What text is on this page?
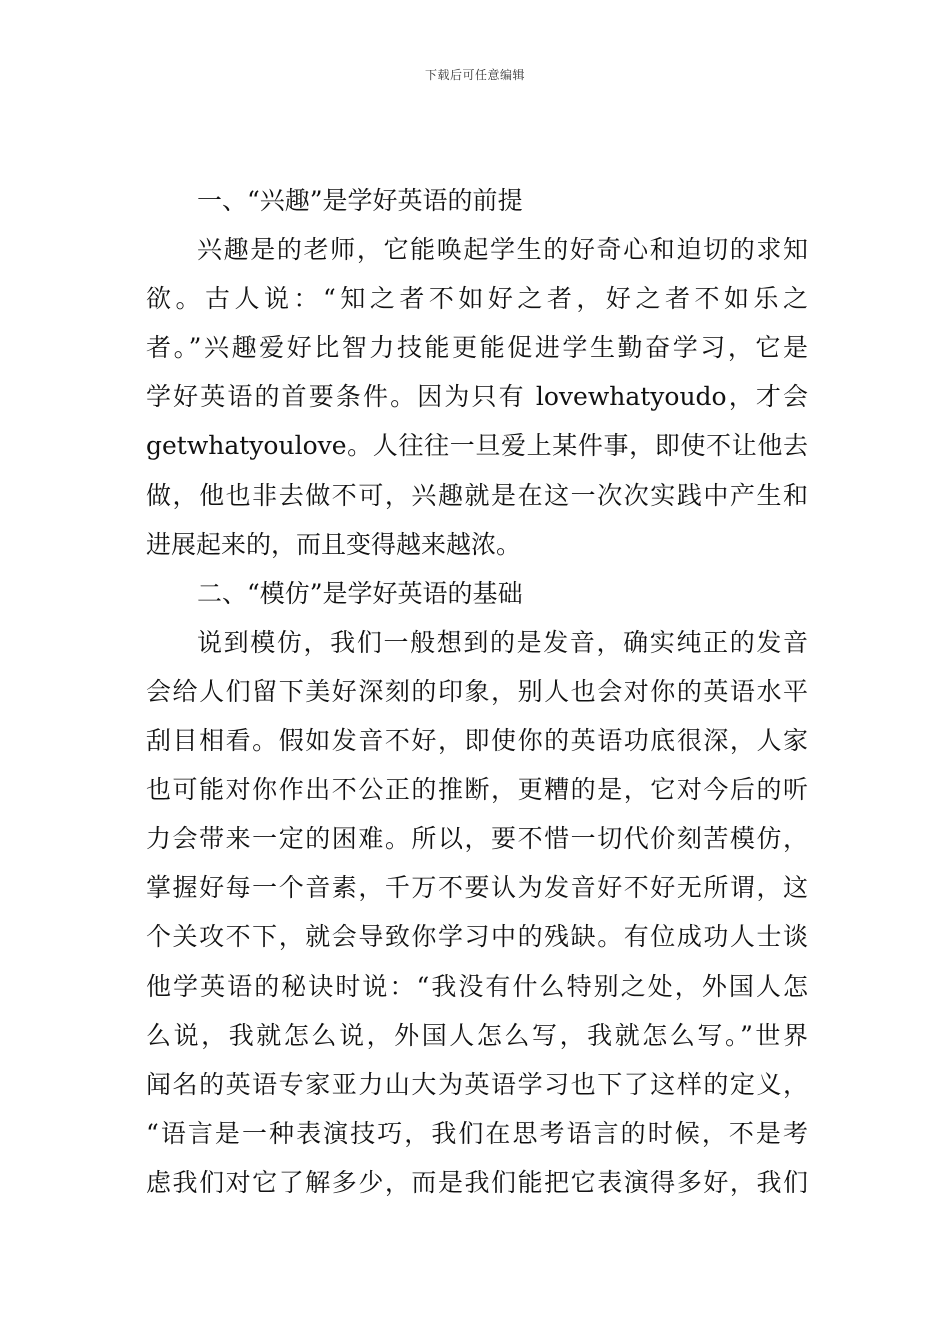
下载后可任意编辑
一、“兴趣”是学好英语的前提
兴趣是的老师，它能唤起学生的好奇心和迫切的求知
欲。古人说：“知之者不如好之者，好之者不如乐之
者。”兴趣爱好比智力技能更能促进学生勤奋学习，它是
学好英语的首要条件。因为只有 lovewhatyoudo，才会
getwhatyoulove。人往往一旦爱上某件事，即使不让他去
做，他也非去做不可，兴趣就是在这一次次实践中产生和
进展起来的，而且变得越来越浓。
二、“模仿”是学好英语的基础
说到模仿，我们一般想到的是发音，确实纯正的发音
会给人们留下美好深刻的印象，别人也会对你的英语水平
刮目相看。假如发音不好，即使你的英语功底很深，人家
也可能对你作出不公正的推断，更糟的是，它对今后的听
力会带来一定的困难。所以，要不惜一切代价刻苦模仿，
掌握好每一个音素，千万不要认为发音好不好无所谓，这
个关攻不下，就会导致你学习中的残缺。有位成功人士谈
他学英语的秘诀时说：“我没有什么特别之处，外国人怎
么说，我就怎么说，外国人怎么写，我就怎么写。”世界
闻名的英语专家亚力山大为英语学习也下了这样的定义，
“语言是一种表演技巧，我们在思考语言的时候，不是考
虑我们对它了解多少，而是我们能把它表演得多好，我们
